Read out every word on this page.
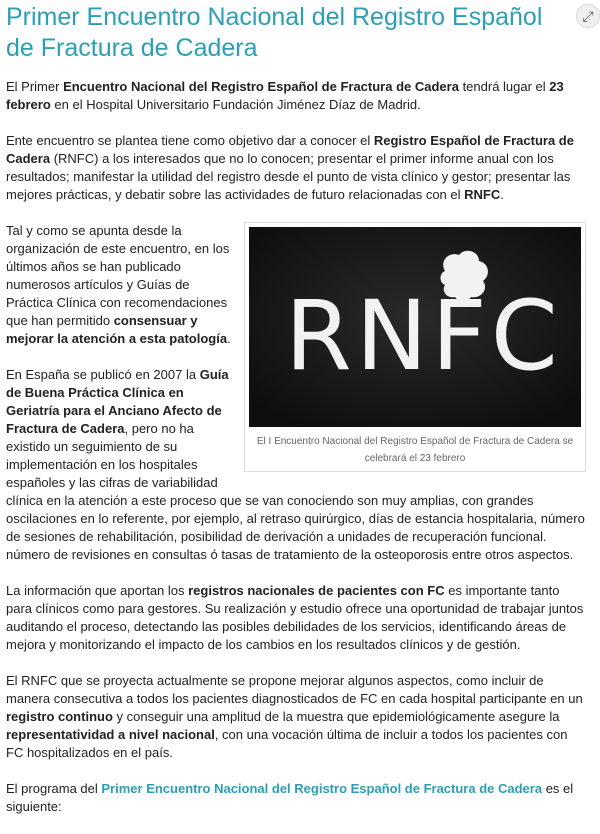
Primer Encuentro Nacional del Registro Español de Fractura de Cadera
⤢

El Primer Encuentro Nacional del Registro Español de Fractura de Cadera tendrá lugar el 23 febrero en el Hospital Universitario Fundación Jiménez Díaz de Madrid.

Ente encuentro se plantea tiene como objetivo dar a conocer el Registro Español de Fractura de Cadera (RNFC) a los interesados que no lo conocen; presentar el primer informe anual con los resultados; manifestar la utilidad del registro desde el punto de vista clínico y gestor; presentar las mejores prácticas, y debatir sobre las actividades de futuro relacionadas con el RNFC.

RNFC
El I Encuentro Nacional del Registro Español de Fractura de Cadera se celebrará el 23 febrero

Tal y como se apunta desde la organización de este encuentro, en los últimos años se han publicado numerosos artículos y Guías de Práctica Clínica con recomendaciones que han permitido consensuar y mejorar la atención a esta patología.

En España se publicó en 2007 la Guía de Buena Práctica Clínica en Geriatría para el Anciano Afecto de Fractura de Cadera, pero no ha existido un seguimiento de su implementación en los hospitales españoles y las cifras de variabilidad clínica en la atención a este proceso que se van conociendo son muy amplias, con grandes oscilaciones en lo referente, por ejemplo, al retraso quirúrgico, días de estancia hospitalaria, número de sesiones de rehabilitación, posibilidad de derivación a unidades de recuperación funcional. número de revisiones en consultas ó tasas de tratamiento de la osteoporosis entre otros aspectos.

La información que aportan los registros nacionales de pacientes con FC es importante tanto para clínicos como para gestores. Su realización y estudio ofrece una oportunidad de trabajar juntos auditando el proceso, detectando las posibles debilidades de los servicios, identificando áreas de mejora y monitorizando el impacto de los cambios en los resultados clínicos y de gestión.

El RNFC que se proyecta actualmente se propone mejorar algunos aspectos, como incluir de manera consecutiva a todos los pacientes diagnosticados de FC en cada hospital participante en un registro continuo y conseguir una amplitud de la muestra que epidemiológicamente asegure la representatividad a nivel nacional, con una vocación última de incluir a todos los pacientes con FC hospitalizados en el país.

El programa del Primer Encuentro Nacional del Registro Español de Fractura de Cadera es el siguiente:
